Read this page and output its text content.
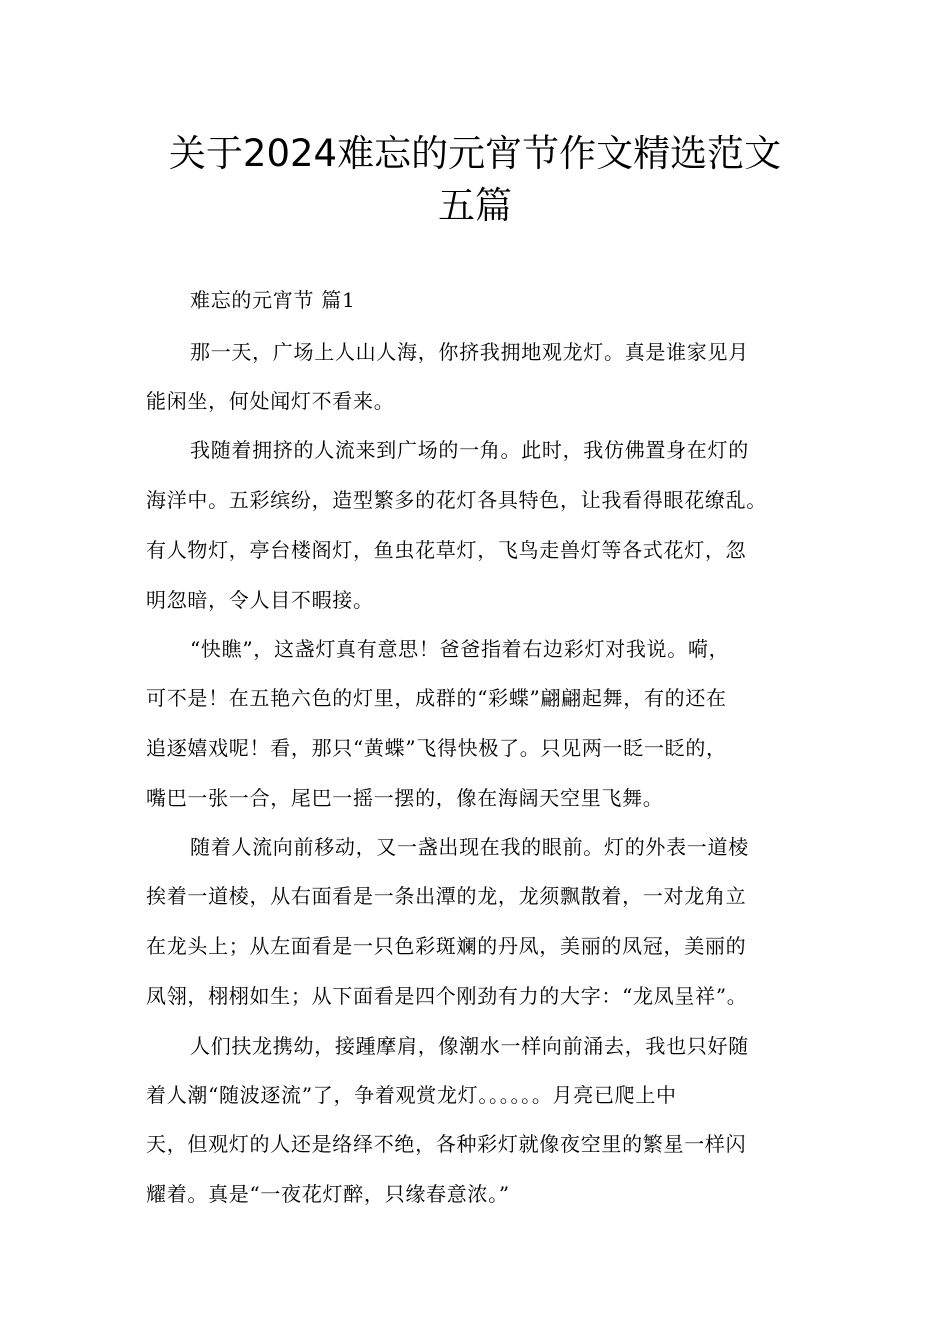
关于2024难忘的元宵节作文精选范文
五篇
难忘的元宵节 篇1
那一天，广场上人山人海，你挤我拥地观龙灯。真是谁家见月
能闲坐，何处闻灯不看来。
我随着拥挤的人流来到广场的一角。此时，我仿佛置身在灯的
海洋中。五彩缤纷，造型繁多的花灯各具特色，让我看得眼花缭乱。
有人物灯，亭台楼阁灯，鱼虫花草灯，飞鸟走兽灯等各式花灯，忽
明忽暗，令人目不暇接。
“快瞧”，这盏灯真有意思！爸爸指着右边彩灯对我说。嗬，
可不是！在五艳六色的灯里，成群的“彩蝶”翩翩起舞，有的还在
追逐嬉戏呢！看，那只“黄蝶”飞得快极了。只见两一眨一眨的，
嘴巴一张一合，尾巴一摇一摆的，像在海阔天空里飞舞。
随着人流向前移动，又一盏出现在我的眼前。灯的外表一道棱
挨着一道棱，从右面看是一条出潭的龙，龙须飘散着，一对龙角立
在龙头上；从左面看是一只色彩斑斓的丹凤，美丽的凤冠，美丽的
凤翎，栩栩如生；从下面看是四个刚劲有力的大字：“龙凤呈祥”。
人们扶龙携幼，接踵摩肩，像潮水一样向前涌去，我也只好随
着人潮“随波逐流”了，争着观赏龙灯。。。。。。月亮已爬上中
天，但观灯的人还是络绎不绝，各种彩灯就像夜空里的繁星一样闪
耀着。真是“一夜花灯醉，只缘春意浓。”
